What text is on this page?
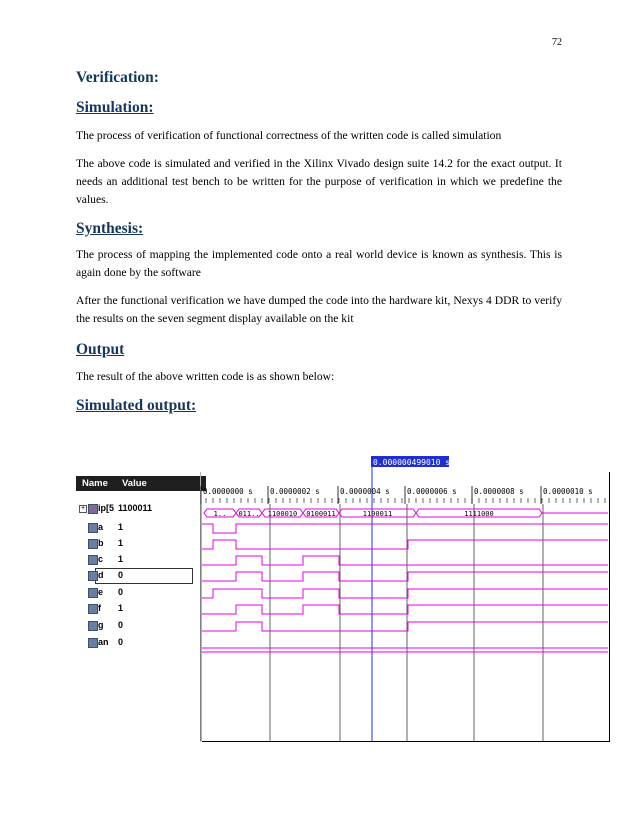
72
Verification:
Simulation:

The process of verification of functional correctness of the written code is called simulation

The above code is simulated and verified in the Xilinx Vivado design suite 14.2 for the exact output. It needs an additional test bench to be written for the purpose of verification in which we predefine the values.

Synthesis:

The process of mapping the implemented code onto a real world device is known as synthesis. This is again done by the software

After the functional verification we have dumped the code into the hardware kit, Nexys 4 DDR to verify the results on the seven segment display available on the kit

Output

The result of the above written code is as shown below:

Simulated output:
Name	Value
+ ip[5 1100011
a 1
b 1
c 1
d 0
e 0
f 1
g 0
an 0
0.000000499010 s
0.0000000 s 0.0000002 s	0.0000004 s 0.0000006 s 0.0000008 s	0.0000010 s
1.. 011.. 1100010 0100011	1100011	1111000
